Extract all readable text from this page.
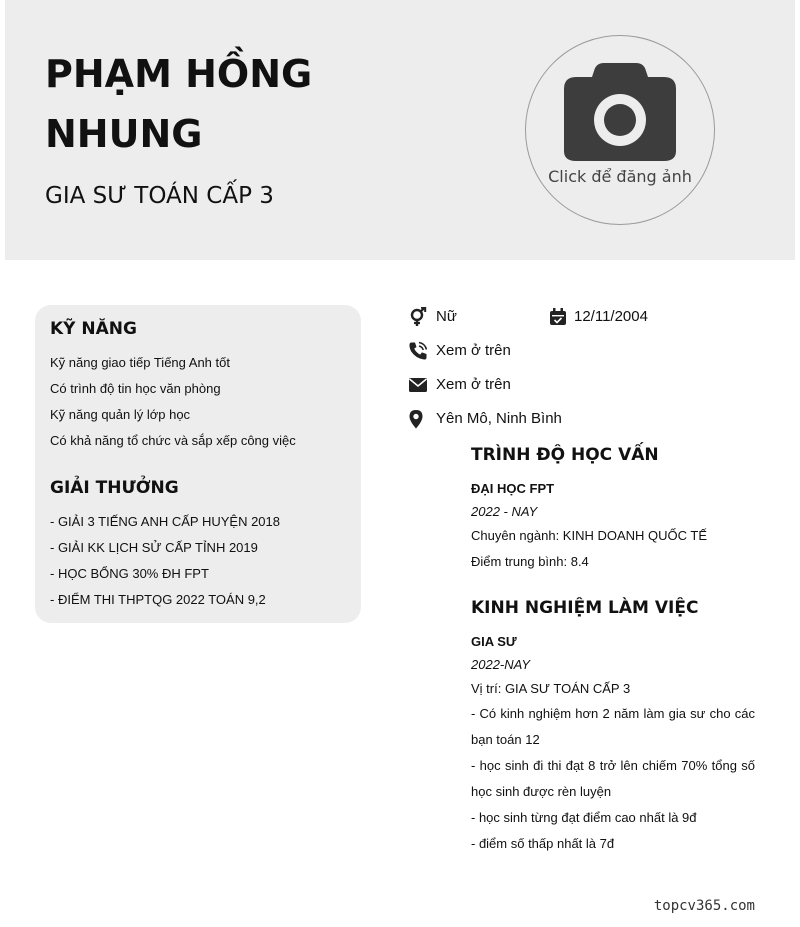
PHẠM HỒNG NHUNG
GIA SƯ TOÁN CẤP 3
Click để đăng ảnh
KỸ NĂNG
Kỹ năng giao tiếp Tiếng Anh tốt
Có trình độ tin học văn phòng
Kỹ năng quản lý lớp học
Có khả năng tổ chức và sắp xếp công việc
GIẢI THƯỞNG
- GIẢI 3 TIẾNG ANH CẤP HUYỆN 2018
- GIẢI KK LỊCH SỬ CẤP TỈNH 2019
- HỌC BỔNG 30% ĐH FPT
- ĐIỂM THI THPTQG 2022 TOÁN 9,2
Nữ	12/11/2004
Xem ở trên
Xem ở trên
Yên Mô, Ninh Bình
TRÌNH ĐỘ HỌC VẤN
ĐẠI HỌC FPT
2022 - NAY
Chuyên ngành: KINH DOANH QUỐC TẾ
Điểm trung bình: 8.4
KINH NGHIỆM LÀM VIỆC
GIA SƯ
2022-NAY
Vị trí: GIA SƯ TOÁN CẤP 3
- Có kinh nghiệm hơn 2 năm làm gia sư cho các bạn toán 12
- học sinh đi thi đạt 8 trở lên chiếm 70% tổng số học sinh được rèn luyện
- học sinh từng đạt điểm cao nhất là 9đ
- điểm số thấp nhất là 7đ
topcv365.com
